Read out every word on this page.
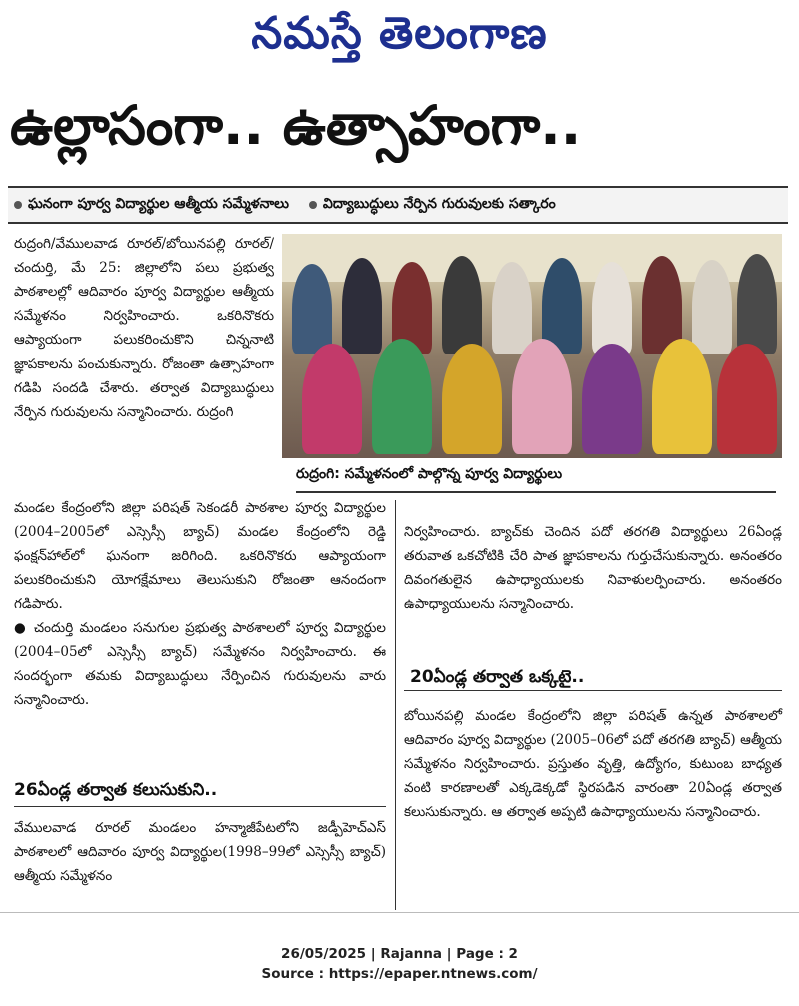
నమస్తే తెలంగాణ
ఉల్లాసంగా.. ఉత్సాహంగా..
ఘనంగా పూర్వ విద్యార్థుల ఆత్మీయ సమ్మేళనాలు విద్యాబుద్ధులు నేర్పిన గురువులకు సత్కారం

రుద్రంగి/వేములవాడ రూరల్/బోయినపల్లి రూరల్/చందుర్తి, మే 25: జిల్లాలోని పలు ప్రభుత్వ పాఠశాలల్లో ఆదివారం పూర్వ విద్యార్థుల ఆత్మీయ సమ్మేళనం నిర్వహించారు. ఒకరినొకరు ఆప్యాయంగా పలుకరించుకొని చిన్ననాటి జ్ఞాపకాలను పంచుకున్నారు. రోజంతా ఉత్సాహంగా గడిపి సందడి చేశారు. తర్వాత విద్యాబుద్ధులు నేర్పిన గురువులను సన్మానించారు. రుద్రంగి

రుద్రంగి: సమ్మేళనంలో పాల్గొన్న పూర్వ విద్యార్థులు

మండల కేంద్రంలోని జిల్లా పరిషత్ సెకండరీ పాఠశాల పూర్వ విద్యార్థుల (2004–2005లో ఎస్సెస్సీ బ్యాచ్) మండల కేంద్రంలోని రెడ్డి ఫంక్షన్‌హాల్‌లో ఘనంగా జరిగింది. ఒకరినొకరు ఆప్యాయంగా పలుకరించుకుని యోగక్షేమాలు తెలుసుకుని రోజంతా ఆనందంగా గడిపారు.

● చందుర్తి మండలం సనుగుల ప్రభుత్వ పాఠశాలలో పూర్వ విద్యార్థుల (2004–05లో ఎస్సెస్సీ బ్యాచ్) సమ్మేళనం నిర్వహించారు. ఈ సందర్భంగా తమకు విద్యాబుద్ధులు నేర్పించిన గురువులను వారు సన్మానించారు.

నిర్వహించారు. బ్యాచ్‌కు చెందిన పదో తరగతి విద్యార్థులు 26ఏండ్ల తరువాత ఒకచోటికి చేరి పాత జ్ఞాపకాలను గుర్తుచేసుకున్నారు. అనంతరం దివంగతులైన ఉపాధ్యాయులకు నివాళులర్పించారు. అనంతరం ఉపాధ్యాయులను సన్మానించారు.

20ఏండ్ల తర్వాత ఒక్కటై..

బోయినపల్లి మండల కేంద్రంలోని జిల్లా పరిషత్ ఉన్నత పాఠశాలలో ఆదివారం పూర్వ విద్యార్థుల (2005–06లో పదో తరగతి బ్యాచ్) ఆత్మీయ సమ్మేళనం నిర్వహించారు. ప్రస్తుతం వృత్తి, ఉద్యోగం, కుటుంబ బాధ్యత వంటి కారణాలతో ఎక్కడెక్కడో స్థిరపడిన వారంతా 20ఏండ్ల తర్వాత కలుసుకున్నారు. ఆ తర్వాత అప్పటి ఉపాధ్యాయులను సన్మానించారు.

26ఏండ్ల తర్వాత కలుసుకుని..

వేములవాడ రూరల్ మండలం హన్మాజీపేటలోని జడ్పీహెచ్‌ఎస్ పాఠశాలలో ఆదివారం పూర్వ విద్యార్థుల(1998–99లో ఎస్సెస్సీ బ్యాచ్) ఆత్మీయ సమ్మేళనం

26/05/2025 | Rajanna | Page : 2
Source : https://epaper.ntnews.com/
